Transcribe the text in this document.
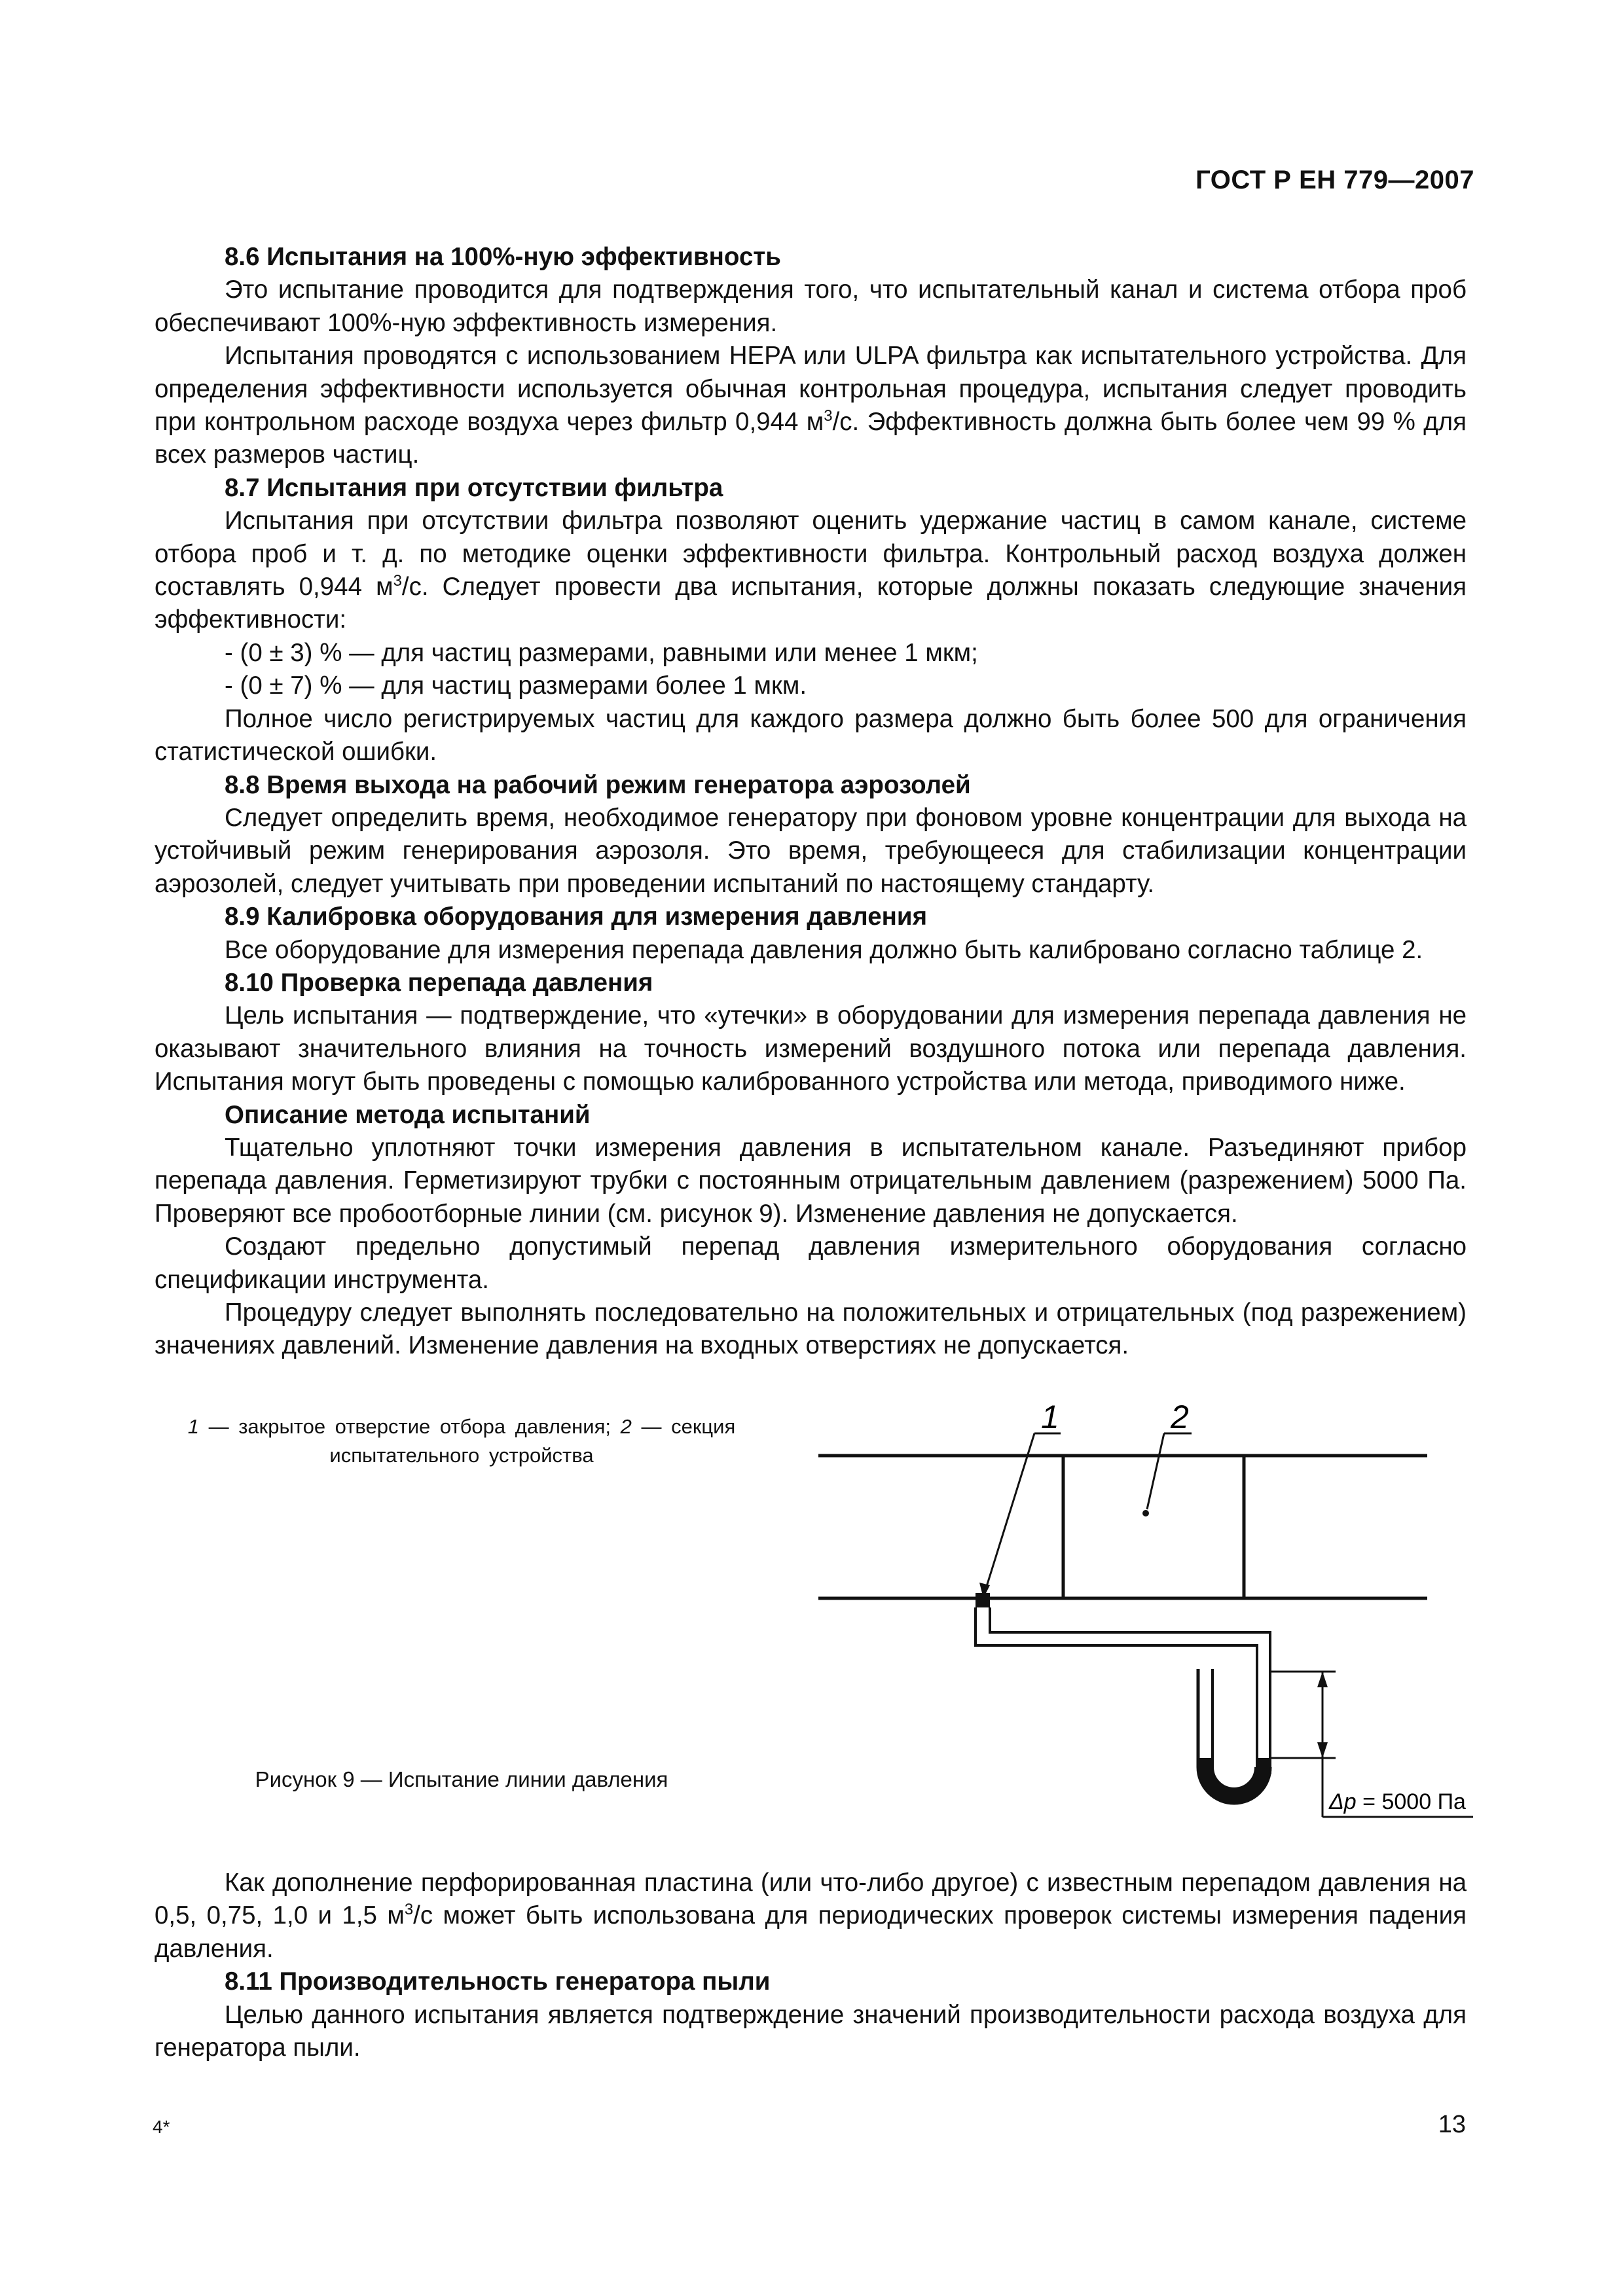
ГОСТ Р ЕН 779—2007
8.6 Испытания на 100%-ную эффективность

Это испытание проводится для подтверждения того, что испытательный канал и система отбора проб обеспечивают 100%-ную эффективность измерения.

Испытания проводятся с использованием HEPA или ULPA фильтра как испытательного устройства. Для определения эффективности используется обычная контрольная процедура, испытания следует проводить при контрольном расходе воздуха через фильтр 0,944 $м^3/с$. Эффективность должна быть более чем 99 % для всех размеров частиц.

8.7 Испытания при отсутствии фильтра

Испытания при отсутствии фильтра позволяют оценить удержание частиц в самом канале, системе отбора проб и т. д. по методике оценки эффективности фильтра. Контрольный расход воздуха должен составлять 0,944 $м^3/с$. Следует провести два испытания, которые должны показать следующие значения эффективности:

- (0 ± 3) % — для частиц размерами, равными или менее 1 мкм;

- (0 ± 7) % — для частиц размерами более 1 мкм.

Полное число регистрируемых частиц для каждого размера должно быть более 500 для ограничения статистической ошибки.

8.8 Время выхода на рабочий режим генератора аэрозолей

Следует определить время, необходимое генератору при фоновом уровне концентрации для выхода на устойчивый режим генерирования аэрозоля. Это время, требующееся для стабилизации концентрации аэрозолей, следует учитывать при проведении испытаний по настоящему стандарту.

8.9 Калибровка оборудования для измерения давления

Все оборудование для измерения перепада давления должно быть калибровано согласно таблице 2.

8.10 Проверка перепада давления

Цель испытания — подтверждение, что «утечки» в оборудовании для измерения перепада давления не оказывают значительного влияния на точность измерений воздушного потока или перепада давления. Испытания могут быть проведены с помощью калиброванного устройства или метода, приводимого ниже.

Описание метода испытаний

Тщательно уплотняют точки измерения давления в испытательном канале. Разъединяют прибор перепада давления. Герметизируют трубки с постоянным отрицательным давлением (разрежением) 5000 Па. Проверяют все пробоотборные линии (см. рисунок 9). Изменение давления не допускается.

Создают предельно допустимый перепад давления измерительного оборудования согласно спецификации инструмента.

Процедуру следует выполнять последовательно на положительных и отрицательных (под разрежением) значениях давлений. Изменение давления на входных отверстиях не допускается.

1	2
Δp = 5000 Па
1 — закрытое отверстие отбора давления; 2 — секция испытательного устройства
Рисунок 9 — Испытание линии давления

Как дополнение перфорированная пластина (или что-либо другое) с известным перепадом давления на 0,5, 0,75, 1,0 и 1,5 $м^3/с$ может быть использована для периодических проверок системы измерения падения давления.

8.11 Производительность генератора пыли

Целью данного испытания является подтверждение значений производительности расхода воздуха для генератора пыли.

4*	13
